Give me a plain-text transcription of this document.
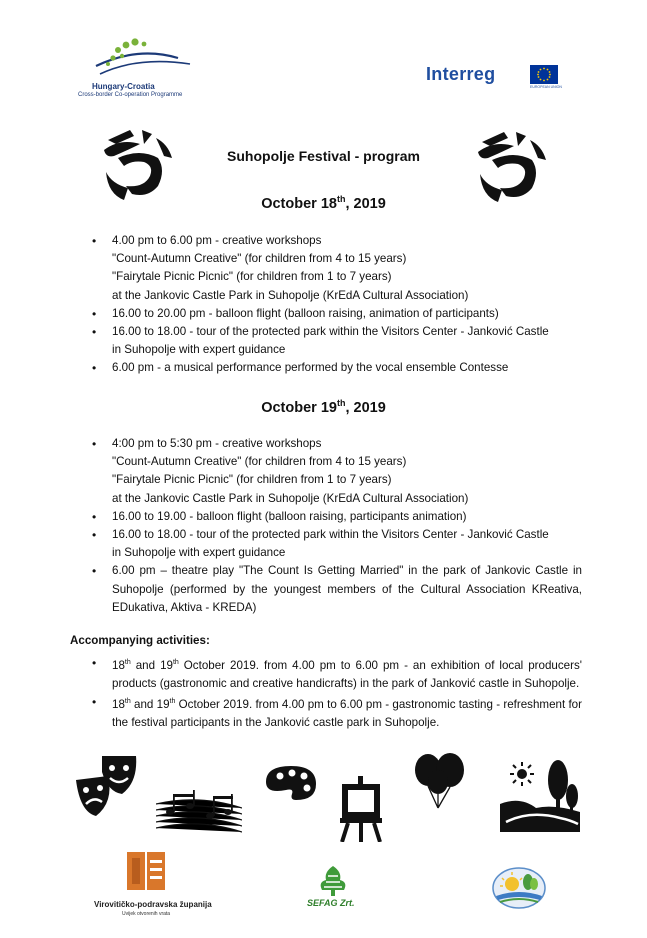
Hungary-Croatia
Cross-border Co-operation Programme
Interreg
EUROPEAN UNION
Suhopolje Festival - program
October 18th, 2019
• 4.00 pm to 6.00 pm - creative workshops
"Count-Autumn Creative" (for children from 4 to 15 years)
"Fairytale Picnic Picnic" (for children from 1 to 7 years)
at the Jankovic Castle Park in Suhopolje (KrEdA Cultural Association)
• 16.00 to 20.00 pm - balloon flight (balloon raising, animation of participants)
• 16.00 to 18.00 - tour of the protected park within the Visitors Center - Janković Castle
in Suhopolje with expert guidance
• 6.00 pm - a musical performance performed by the vocal ensemble Contesse
October 19th, 2019
• 4:00 pm to 5:30 pm - creative workshops
"Count-Autumn Creative" (for children from 4 to 15 years)
"Fairytale Picnic Picnic" (for children from 1 to 7 years)
at the Jankovic Castle Park in Suhopolje (KrEdA Cultural Association)
• 16.00 to 19.00 - balloon flight (balloon raising, participants animation)
• 16.00 to 18.00 - tour of the protected park within the Visitors Center - Janković Castle
in Suhopolje with expert guidance
• 6.00 pm – theatre play "The Count Is Getting Married" in the park of Jankovic Castle in Suhopolje (performed by the youngest members of the Cultural Association KReativa, EDukativa, Aktiva - KREDA)
Accompanying activities:
• 18th and 19th October 2019. from 4.00 pm to 6.00 pm - an exhibition of local producers' products (gastronomic and creative handicrafts) in the park of Janković castle in Suhopolje.
• 18th and 19th October 2019. from 4.00 pm to 6.00 pm - gastronomic tasting - refreshment for the festival participants in the Janković castle park in Suhopolje.
Virovitičko-podravska županija
Uvijek otvorenih vrata
SEFAG Zrt.
